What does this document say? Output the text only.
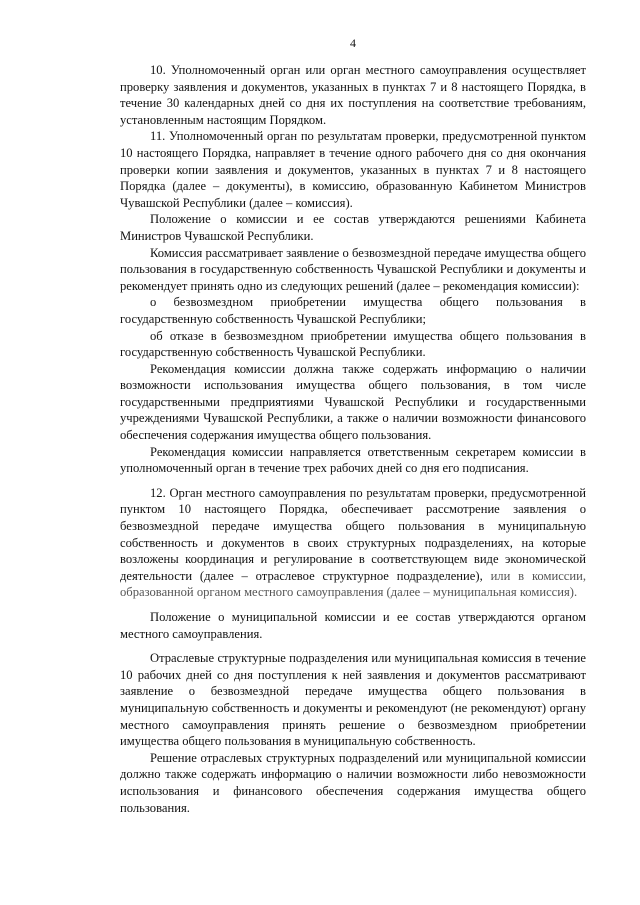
4

10. Уполномоченный орган или орган местного самоуправления осуществляет проверку заявления и документов, указанных в пунктах 7 и 8 настоящего Порядка, в течение 30 календарных дней со дня их поступления на соответствие требованиям, установленным настоящим Порядком.

11. Уполномоченный орган по результатам проверки, предусмотренной пунктом 10 настоящего Порядка, направляет в течение одного рабочего дня со дня окончания проверки копии заявления и документов, указанных в пунктах 7 и 8 настоящего Порядка (далее – документы), в комиссию, образованную Кабинетом Министров Чувашской Республики (далее – комиссия).

Положение о комиссии и ее состав утверждаются решениями Кабинета Министров Чувашской Республики.

Комиссия рассматривает заявление о безвозмездной передаче имущества общего пользования в государственную собственность Чувашской Республики и документы и рекомендует принять одно из следующих решений (далее – рекомендация комиссии):

о безвозмездном приобретении имущества общего пользования в государственную собственность Чувашской Республики;

об отказе в безвозмездном приобретении имущества общего пользования в государственную собственность Чувашской Республики.

Рекомендация комиссии должна также содержать информацию о наличии возможности использования имущества общего пользования, в том числе государственными предприятиями Чувашской Республики и государственными учреждениями Чувашской Республики, а также о наличии возможности финансового обеспечения содержания имущества общего пользования.

Рекомендация комиссии направляется ответственным секретарем комиссии в уполномоченный орган в течение трех рабочих дней со дня его подписания.

12. Орган местного самоуправления по результатам проверки, предусмотренной пунктом 10 настоящего Порядка, обеспечивает рассмотрение заявления о безвозмездной передаче имущества общего пользования в муниципальную собственность и документов в своих структурных подразделениях, на которые возложены координация и регулирование в соответствующем виде экономической деятельности (далее – отраслевое структурное подразделение), или в комиссии, образованной органом местного самоуправления (далее – муниципальная комиссия).

Положение о муниципальной комиссии и ее состав утверждаются органом местного самоуправления.

Отраслевые структурные подразделения или муниципальная комиссия в течение 10 рабочих дней со дня поступления к ней заявления и документов рассматривают заявление о безвозмездной передаче имущества общего пользования в муниципальную собственность и документы и рекомендуют (не рекомендуют) органу местного самоуправления принять решение о безвозмездном приобретении имущества общего пользования в муниципальную собственность.

Решение отраслевых структурных подразделений или муниципальной комиссии должно также содержать информацию о наличии возможности либо невозможности использования и финансового обеспечения содержания имущества общего пользования.
